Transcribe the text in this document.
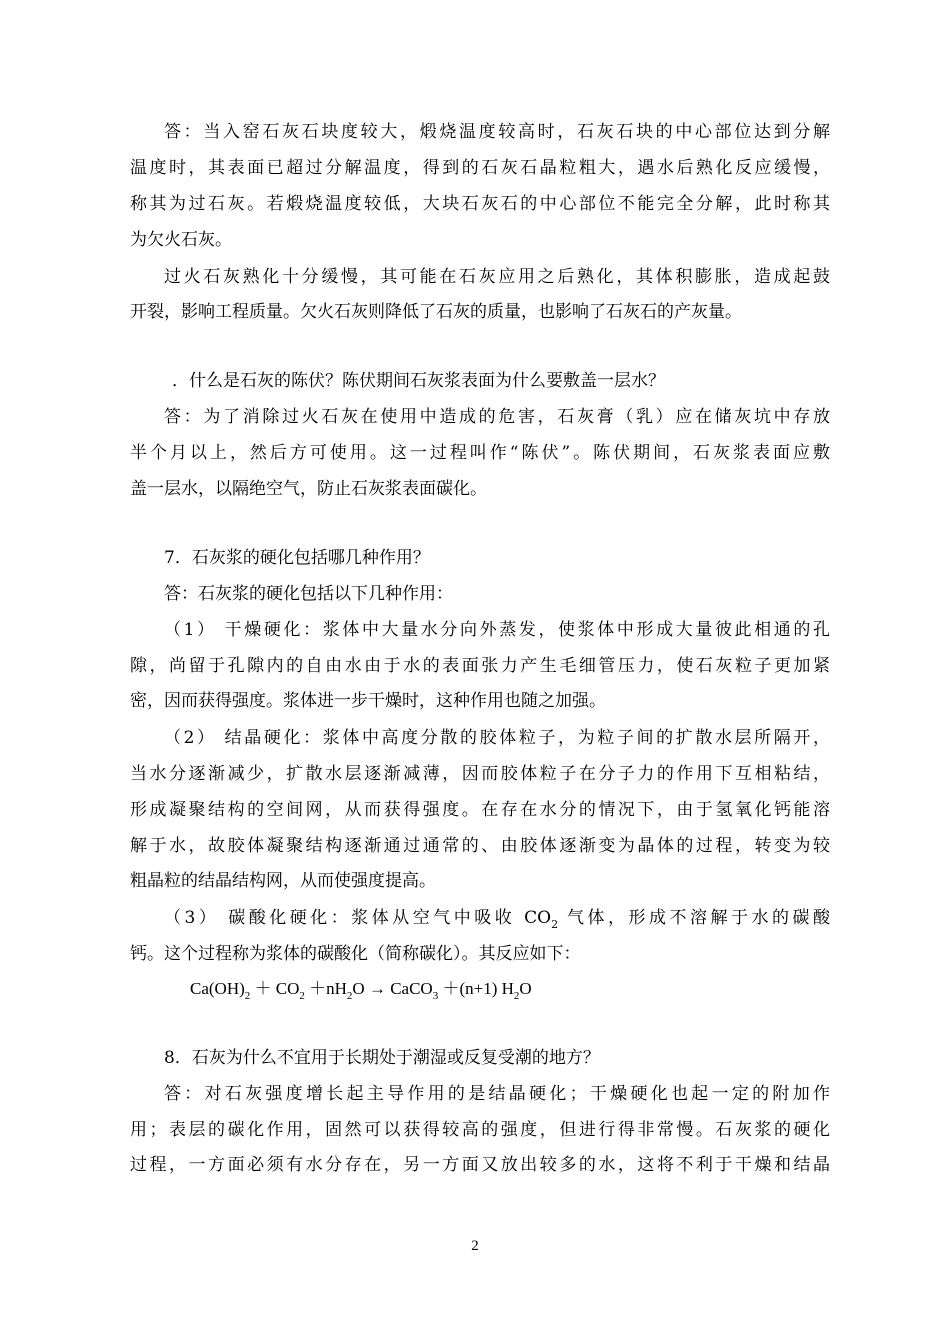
答：当入窑石灰石块度较大，煅烧温度较高时，石灰石块的中心部位达到分解
温度时，其表面已超过分解温度，得到的石灰石晶粒粗大，遇水后熟化反应缓慢，
称其为过石灰。若煅烧温度较低，大块石灰石的中心部位不能完全分解，此时称其
为欠火石灰。
过火石灰熟化十分缓慢，其可能在石灰应用之后熟化，其体积膨胀，造成起鼓
开裂，影响工程质量。欠火石灰则降低了石灰的质量，也影响了石灰石的产灰量。
．什么是石灰的陈伏？陈伏期间石灰浆表面为什么要敷盖一层水？
答：为了消除过火石灰在使用中造成的危害，石灰膏（乳）应在储灰坑中存放
半个月以上，然后方可使用。这一过程叫作“陈伏”。陈伏期间，石灰浆表面应敷
盖一层水，以隔绝空气，防止石灰浆表面碳化。
7．石灰浆的硬化包括哪几种作用？
答：石灰浆的硬化包括以下几种作用：
（1） 干燥硬化：浆体中大量水分向外蒸发，使浆体中形成大量彼此相通的孔
隙，尚留于孔隙内的自由水由于水的表面张力产生毛细管压力，使石灰粒子更加紧
密，因而获得强度。浆体进一步干燥时，这种作用也随之加强。
（2） 结晶硬化：浆体中高度分散的胶体粒子，为粒子间的扩散水层所隔开，
当水分逐渐减少，扩散水层逐渐减薄，因而胶体粒子在分子力的作用下互相粘结，
形成凝聚结构的空间网，从而获得强度。在存在水分的情况下，由于氢氧化钙能溶
解于水，故胶体凝聚结构逐渐通过通常的、由胶体逐渐变为晶体的过程，转变为较
粗晶粒的结晶结构网，从而使强度提高。
（3） 碳酸化硬化：浆体从空气中吸收 $CO_2$ 气体，形成不溶解于水的碳酸
钙。这个过程称为浆体的碳酸化（简称碳化）。其反应如下：
$Ca(OH)_2 + CO_2 +nH_2O$ → CaCO$_3$ ＋(n+1) $H_2O$
8．石灰为什么不宜用于长期处于潮湿或反复受潮的地方？
答：对石灰强度增长起主导作用的是结晶硬化；干燥硬化也起一定的附加作
用；表层的碳化作用，固然可以获得较高的强度，但进行得非常慢。石灰浆的硬化
过程，一方面必须有水分存在，另一方面又放出较多的水，这将不利于干燥和结晶
2
